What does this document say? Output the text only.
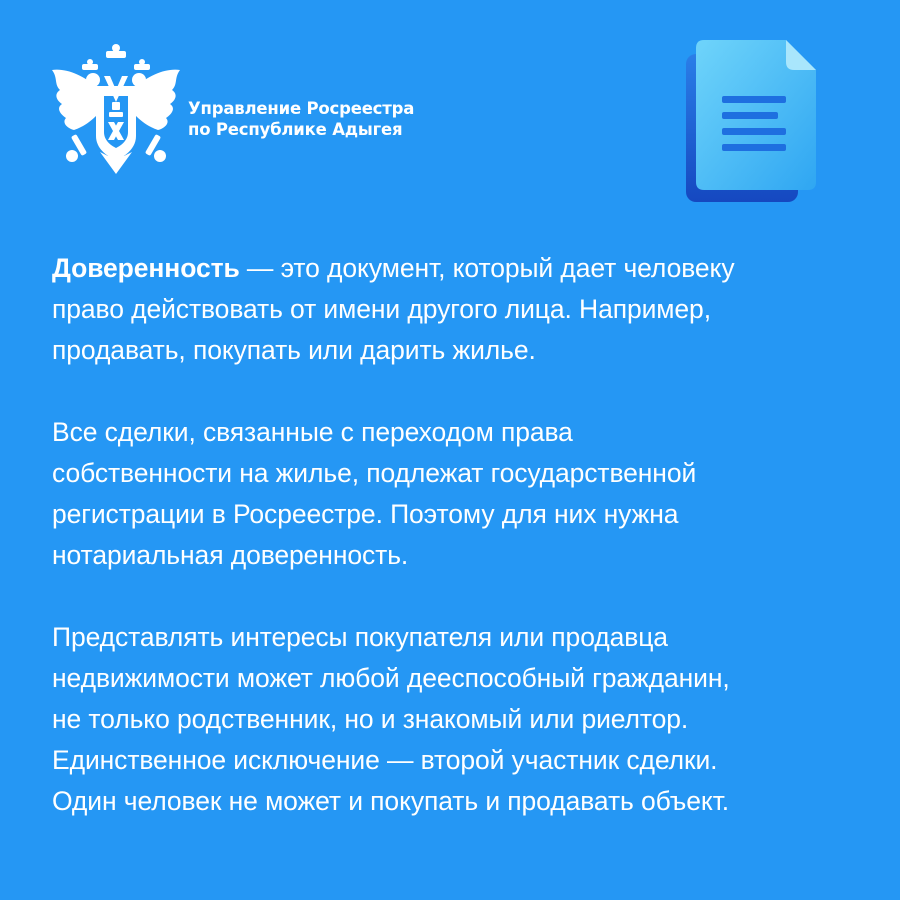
Управление Росреестра
по Республике Адыгея
Доверенность — это документ, который дает человеку
право действовать от имени другого лица. Например,
продавать, покупать или дарить жилье.
Все сделки, связанные с переходом права
собственности на жилье, подлежат государственной
регистрации в Росреестре. Поэтому для них нужна
нотариальная доверенность.
Представлять интересы покупателя или продавца
недвижимости может любой дееспособный гражданин,
не только родственник, но и знакомый или риелтор.
Единственное исключение — второй участник сделки.
Один человек не может и покупать и продавать объект.
